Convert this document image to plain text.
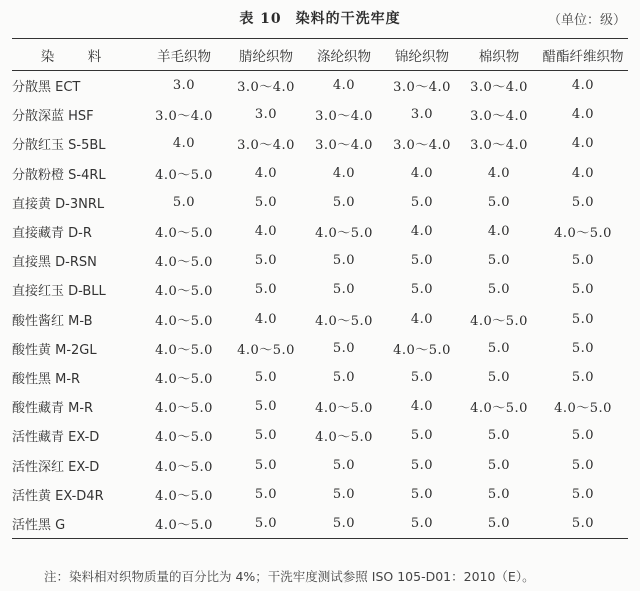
表 10 染料的干洗牢度	（单位：级）
染　料	羊毛织物	腈纶织物	涤纶织物	锦纶织物	棉织物	醋酯纤维织物
分散黑 ECT	3.0	3.0～4.0	4.0	3.0～4.0	3.0～4.0	4.0
分散深蓝 HSF	3.0～4.0	3.0	3.0～4.0	3.0	3.0～4.0	4.0
分散红玉 S-5BL	4.0	3.0～4.0	3.0～4.0	3.0～4.0	3.0～4.0	4.0
分散粉橙 S-4RL	4.0～5.0	4.0	4.0	4.0	4.0	4.0
直接黄 D-3NRL	5.0	5.0	5.0	5.0	5.0	5.0
直接藏青 D-R	4.0～5.0	4.0	4.0～5.0	4.0	4.0	4.0～5.0
直接黑 D-RSN	4.0～5.0	5.0	5.0	5.0	5.0	5.0
直接红玉 D-BLL	4.0～5.0	5.0	5.0	5.0	5.0	5.0
酸性酱红 M-B	4.0～5.0	4.0	4.0～5.0	4.0	4.0～5.0	5.0
酸性黄 M-2GL	4.0～5.0	4.0～5.0	5.0	4.0～5.0	5.0	5.0
酸性黑 M-R	4.0～5.0	5.0	5.0	5.0	5.0	5.0
酸性藏青 M-R	4.0～5.0	5.0	4.0～5.0	4.0	4.0～5.0	4.0～5.0
活性藏青 EX-D	4.0～5.0	5.0	4.0～5.0	5.0	5.0	5.0
活性深红 EX-D	4.0～5.0	5.0	5.0	5.0	5.0	5.0
活性黄 EX-D4R	4.0～5.0	5.0	5.0	5.0	5.0	5.0
活性黑 G	4.0～5.0	5.0	5.0	5.0	5.0	5.0
注：染料相对织物质量的百分比为 4%；干洗牢度测试参照 ISO 105-D01：2010（E）。
